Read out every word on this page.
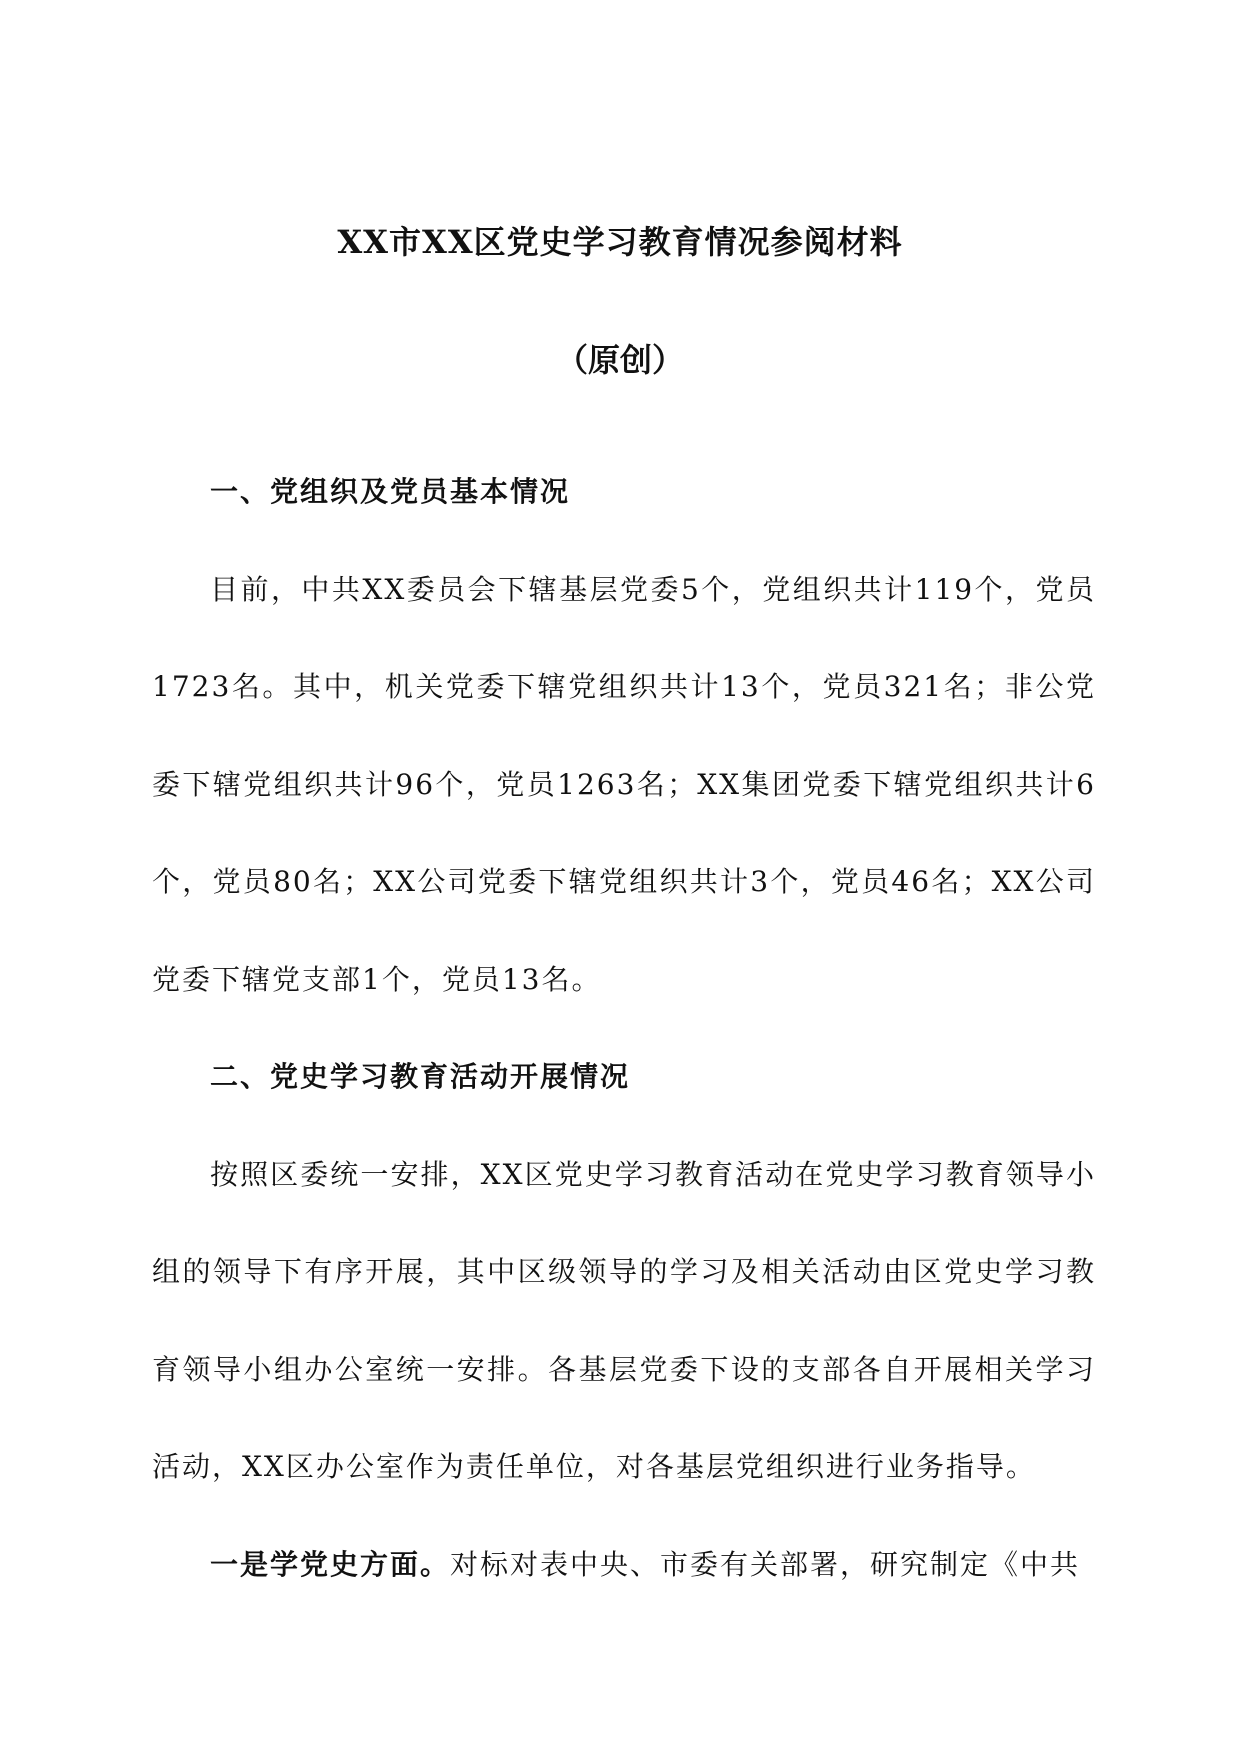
XX市XX区党史学习教育情况参阅材料
（原创）
一、党组织及党员基本情况

目前，中共XX委员会下辖基层党委5个，党组织共计119个，党员1723名。其中，机关党委下辖党组织共计13个，党员321名；非公党委下辖党组织共计96个，党员1263名；XX集团党委下辖党组织共计6个，党员80名；XX公司党委下辖党组织共计3个，党员46名；XX公司党委下辖党支部1个，党员13名。

二、党史学习教育活动开展情况

按照区委统一安排，XX区党史学习教育活动在党史学习教育领导小组的领导下有序开展，其中区级领导的学习及相关活动由区党史学习教育领导小组办公室统一安排。各基层党委下设的支部各自开展相关学习活动，XX区办公室作为责任单位，对各基层党组织进行业务指导。

一是学党史方面。对标对表中央、市委有关部署，研究制定《中共
